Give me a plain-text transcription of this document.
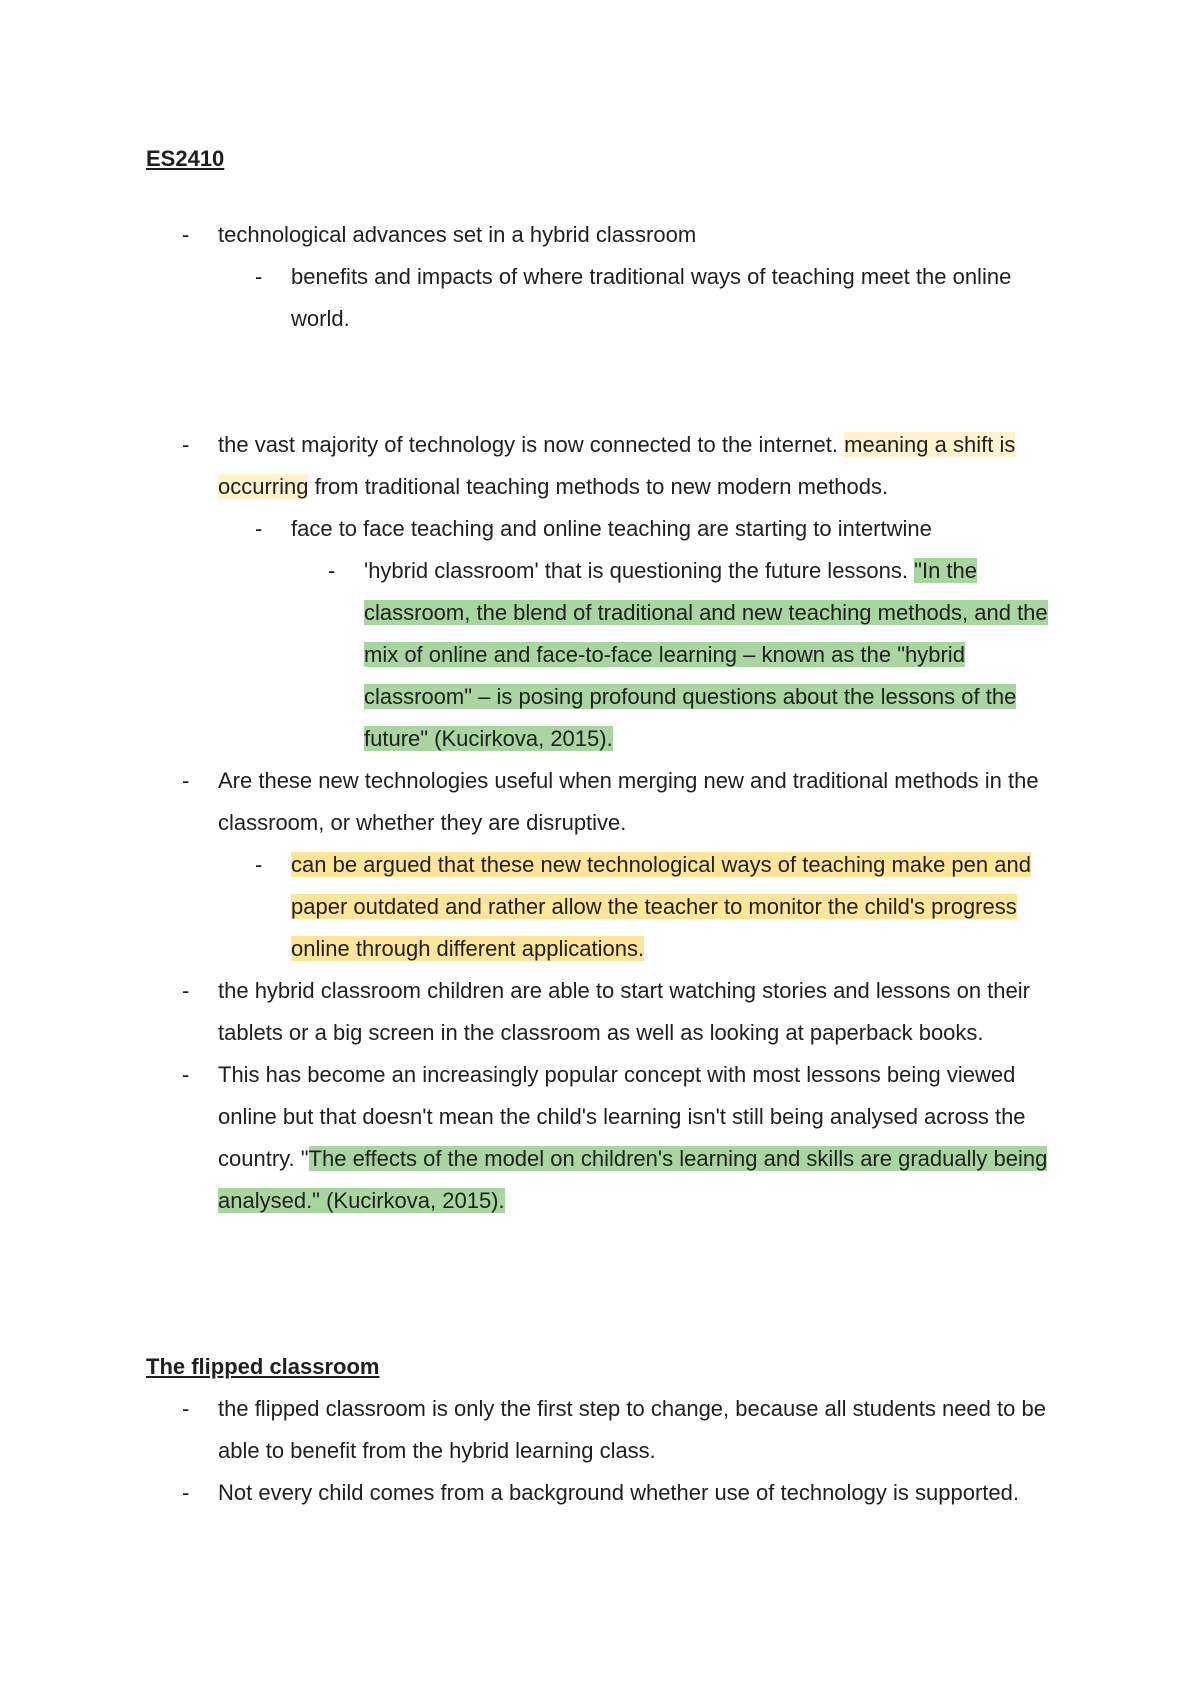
ES2410
- technological advances set in a hybrid classroom
- benefits and impacts of where traditional ways of teaching meet the online world.
- the vast majority of technology is now connected to the internet. meaning a shift is occurring from traditional teaching methods to new modern methods.
- face to face teaching and online teaching are starting to intertwine
- 'hybrid classroom' that is questioning the future lessons. "In the classroom, the blend of traditional and new teaching methods, and the mix of online and face-to-face learning – known as the "hybrid classroom" – is posing profound questions about the lessons of the future" (Kucirkova, 2015).
- Are these new technologies useful when merging new and traditional methods in the classroom, or whether they are disruptive.
- can be argued that these new technological ways of teaching make pen and paper outdated and rather allow the teacher to monitor the child's progress online through different applications.
- the hybrid classroom children are able to start watching stories and lessons on their tablets or a big screen in the classroom as well as looking at paperback books.
- This has become an increasingly popular concept with most lessons being viewed online but that doesn't mean the child's learning isn't still being analysed across the country. "The effects of the model on children's learning and skills are gradually being analysed." (Kucirkova, 2015).
The flipped classroom
- the flipped classroom is only the first step to change, because all students need to be able to benefit from the hybrid learning class.
- Not every child comes from a background whether use of technology is supported.
